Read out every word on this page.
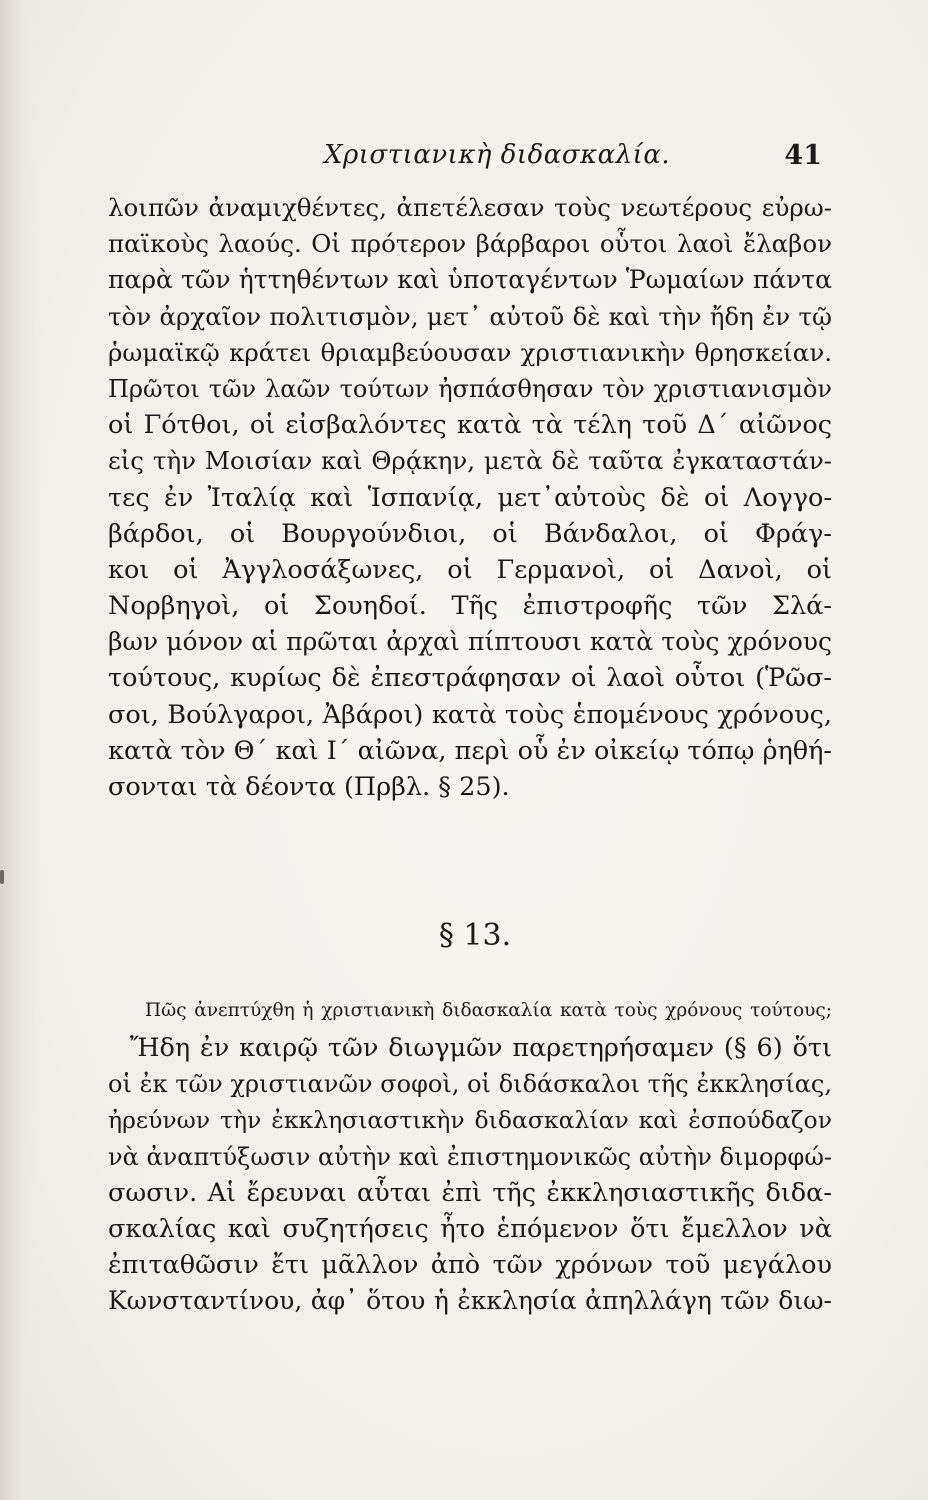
Χριστιανικὴ διδασκαλία.	41
λοιπῶν ἀναμιχθέντες, ἀπετέλεσαν τοὺς νεωτέρους εὐρω-
παϊκοὺς λαούς. Οἱ πρότερον βάρβαροι οὗτοι λαοὶ ἔλαβον
παρὰ τῶν ἡττηθέντων καὶ ὑποταγέντων Ῥωμαίων πάντα
τὸν ἀρχαῖον πολιτισμὸν, μετ᾽ αὐτοῦ δὲ καὶ τὴν ἤδη ἐν τῷ
ῥωμαϊκῷ κράτει θριαμβεύουσαν χριστιανικὴν θρησκείαν.
Πρῶτοι τῶν λαῶν τούτων ἠσπάσθησαν τὸν χριστιανισμὸν
οἱ Γότθοι, οἱ εἰσβαλόντες κατὰ τὰ τέλη τοῦ Δ΄ αἰῶνος
εἰς τὴν Μοισίαν καὶ Θρᾴκην, μετὰ δὲ ταῦτα ἐγκαταστάν-
τες ἐν Ἰταλίᾳ καὶ Ἱσπανίᾳ, μετ᾽αὐτοὺς δὲ οἱ Λογγο-
βάρδοι, οἱ Βουργούνδιοι, οἱ Βάνδαλοι, οἱ Φράγ-
κοι οἱ Ἀγγλοσάξωνες, οἱ Γερμανοὶ, οἱ Δανοὶ, οἱ
Νορβηγοὶ, οἱ Σουηδοί. Τῆς ἐπιστροφῆς τῶν Σλά-
βων μόνον αἱ πρῶται ἀρχαὶ πίπτουσι κατὰ τοὺς χρόνους
τούτους, κυρίως δὲ ἐπεστράφησαν οἱ λαοὶ οὗτοι (Ῥῶσ-
σοι, Βούλγαροι, Ἀβάροι) κατὰ τοὺς ἑπομένους χρόνους,
κατὰ τὸν Θ΄ καὶ Ι΄ αἰῶνα, περὶ οὗ ἐν οἰκείῳ τόπῳ ῥηθή-
σονται τὰ δέοντα (Πρβλ. § 25).
§ 13.
Πῶς ἀνεπτύχθη ἡ χριστιανικὴ διδασκαλία κατὰ τοὺς χρόνους τούτους;
Ἤδη ἐν καιρῷ τῶν διωγμῶν παρετηρήσαμεν (§ 6) ὅτι
οἱ ἐκ τῶν χριστιανῶν σοφοὶ, οἱ διδάσκαλοι τῆς ἐκκλησίας,
ἠρεύνων τὴν ἐκκλησιαστικὴν διδασκαλίαν καὶ ἐσπούδαζον
νὰ ἀναπτύξωσιν αὐτὴν καὶ ἐπιστημονικῶς αὐτὴν διμορφώ-
σωσιν. Αἱ ἔρευναι αὗται ἐπὶ τῆς ἐκκλησιαστικῆς διδα-
σκαλίας καὶ συζητήσεις ἦτο ἑπόμενον ὅτι ἔμελλον νὰ
ἐπιταθῶσιν ἔτι μᾶλλον ἀπὸ τῶν χρόνων τοῦ μεγάλου
Κωνσταντίνου, ἀφ᾽ ὅτου ἡ ἐκκλησία ἀπηλλάγη τῶν διω-
